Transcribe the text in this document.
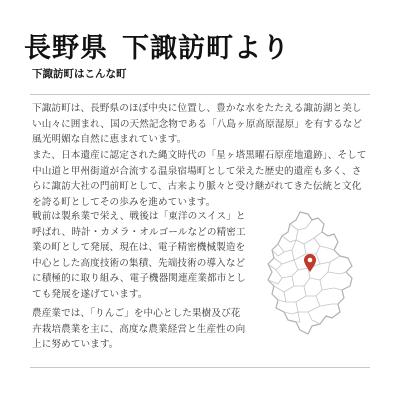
長野県 下諏訪町より
下諏訪町はこんな町

下諏訪町は、長野県のほぼ中央に位置し、豊かな水をたたえる諏訪湖と美しい山々に囲まれ、国の天然記念物である「八島ヶ原高原湿原」を有するなど風光明媚な自然に恵まれています。

また、日本遺産に認定された縄文時代の「星ヶ塔黒曜石原産地遺跡」、そして中山道と甲州街道が合流する温泉宿場町として栄えた歴史的遺産も多く、さらに諏訪大社の門前町として、古来より脈々と受け継がれてきた伝統と文化を誇る町としてその歩みを進めています。

戦前は製糸業で栄え、戦後は「東洋のスイス」と呼ばれ、時計・カメラ・オルゴールなどの精密工業の町として発展、現在は、電子精密機械製造を中心とした高度技術の集積、先端技術の導入などに積極的に取り組み、電子機器関連産業都市としても発展を遂げています。

農産業では、「りんご」を中心とした果樹及び花卉栽培農業を主に、高度な農業経営と生産性の向上に努めています。
